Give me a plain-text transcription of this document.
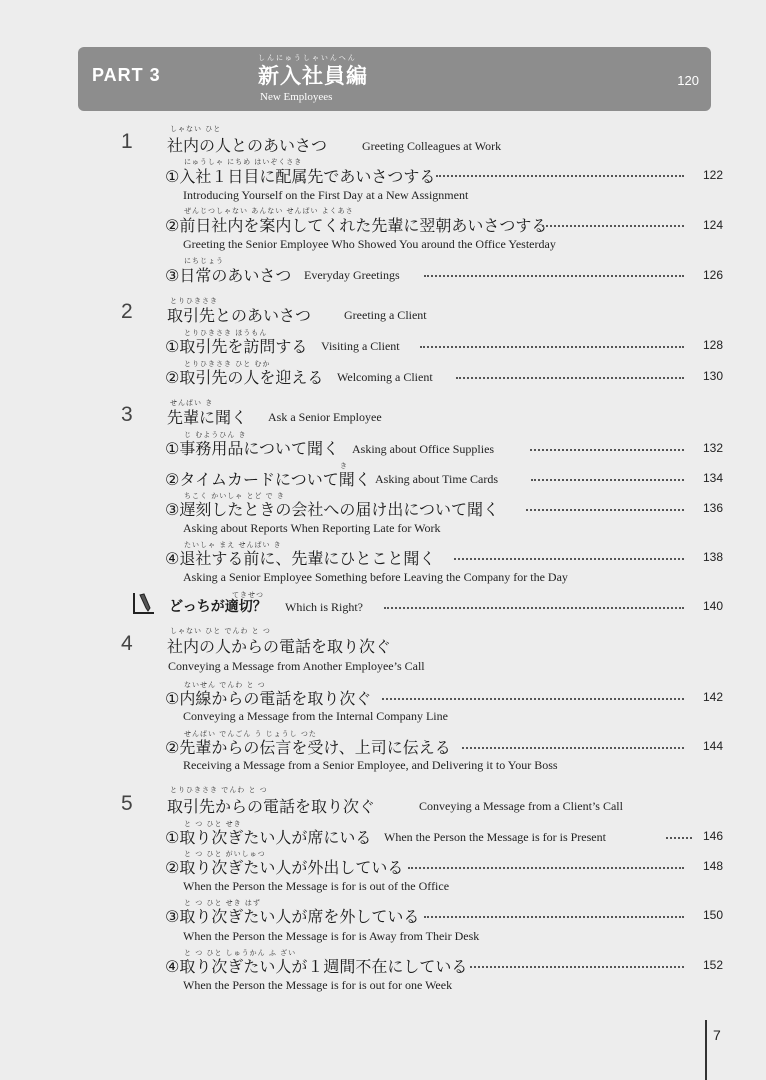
PART 3
しんにゅうしゃいんへん
新入社員編
New Employees
120
しゃない ひと
1 社内の人とのあいさつ	Greeting Colleagues at Work
にゅうしゃ にちめ はいぞくさき
①入社１日目に配属先であいさつする	122
Introducing Yourself on the First Day at a New Assignment
ぜんじつしゃない あんない せんぱい よくあさ
②前日社内を案内してくれた先輩に翌朝あいさつする	124
Greeting the Senior Employee Who Showed You around the Office Yesterday
にちじょう
③日常のあいさつ Everyday Greetings	126
とりひきさき
2 取引先とのあいさつ	Greeting a Client
とりひきさき ほうもん
①取引先を訪問する Visiting a Client	128
とりひきさき ひと むか
②取引先の人を迎える Welcoming a Client	130
せんぱい き
3 先輩に聞く Ask a Senior Employee
じ むようひん き
①事務用品について聞く Asking about Office Supplies	132
き
②タイムカードについて聞く Asking about Time Cards	134
ちこく かいしゃ とど で き
③遅刻したときの会社への届け出について聞く	136
Asking about Reports When Reporting Late for Work
たいしゃ まえ せんぱい き
④退社する前に、先輩にひとこと聞く	138
Asking a Senior Employee Something before Leaving the Company for the Day
てきせつ
どっちが適切？ Which is Right?	140
しゃない ひと でんわ と つ
4 社内の人からの電話を取り次ぐ
Conveying a Message from Another Employee’s Call
ないせん でんわ と つ
①内線からの電話を取り次ぐ	142
Conveying a Message from the Internal Company Line
せんぱい でんごん う じょうし つた
②先輩からの伝言を受け、上司に伝える	144
Receiving a Message from a Senior Employee, and Delivering it to Your Boss
とりひきさき でんわ と つ
5 取引先からの電話を取り次ぐ	Conveying a Message from a Client’s Call
と つ ひと せき
①取り次ぎたい人が席にいる When the Person the Message is for is Present	146
と つ ひと がいしゅつ
②取り次ぎたい人が外出している	148
When the Person the Message is for is out of the Office
と つ ひと せき はず
③取り次ぎたい人が席を外している	150
When the Person the Message is for is Away from Their Desk
と つ ひと しゅうかん ふ ざい
④取り次ぎたい人が１週間不在にしている	152
When the Person the Message is for is out for one Week
7
